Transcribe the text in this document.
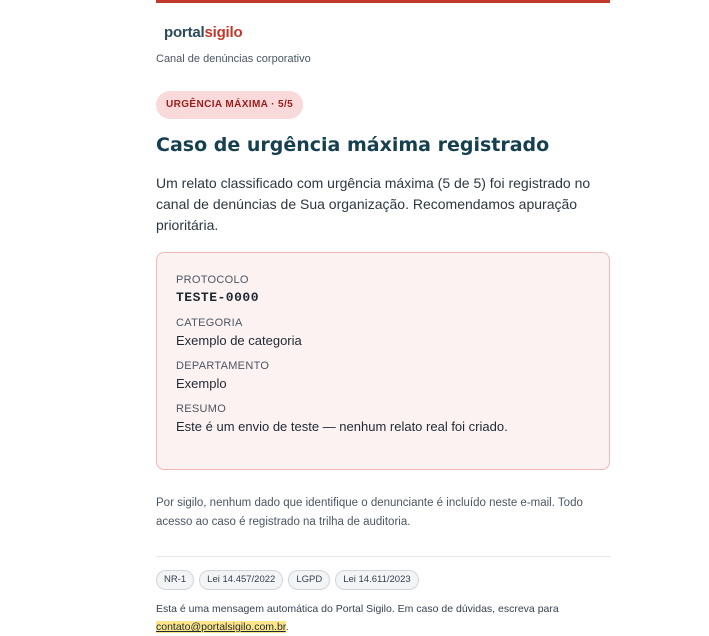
portalsigilo
Canal de denúncias corporativo
URGÊNCIA MÁXIMA · 5/5
Caso de urgência máxima registrado
Um relato classificado com urgência máxima (5 de 5) foi registrado no canal de denúncias de Sua organização. Recomendamos apuração prioritária.
PROTOCOLO
TESTE-0000
CATEGORIA
Exemplo de categoria
DEPARTAMENTO
Exemplo
RESUMO
Este é um envio de teste — nenhum relato real foi criado.
Por sigilo, nenhum dado que identifique o denunciante é incluído neste e-mail. Todo acesso ao caso é registrado na trilha de auditoria.
NR-1	Lei 14.457/2022	LGPD	Lei 14.611/2023
Esta é uma mensagem automática do Portal Sigilo. Em caso de dúvidas, escreva para
contato@portalsigilo.com.br.
